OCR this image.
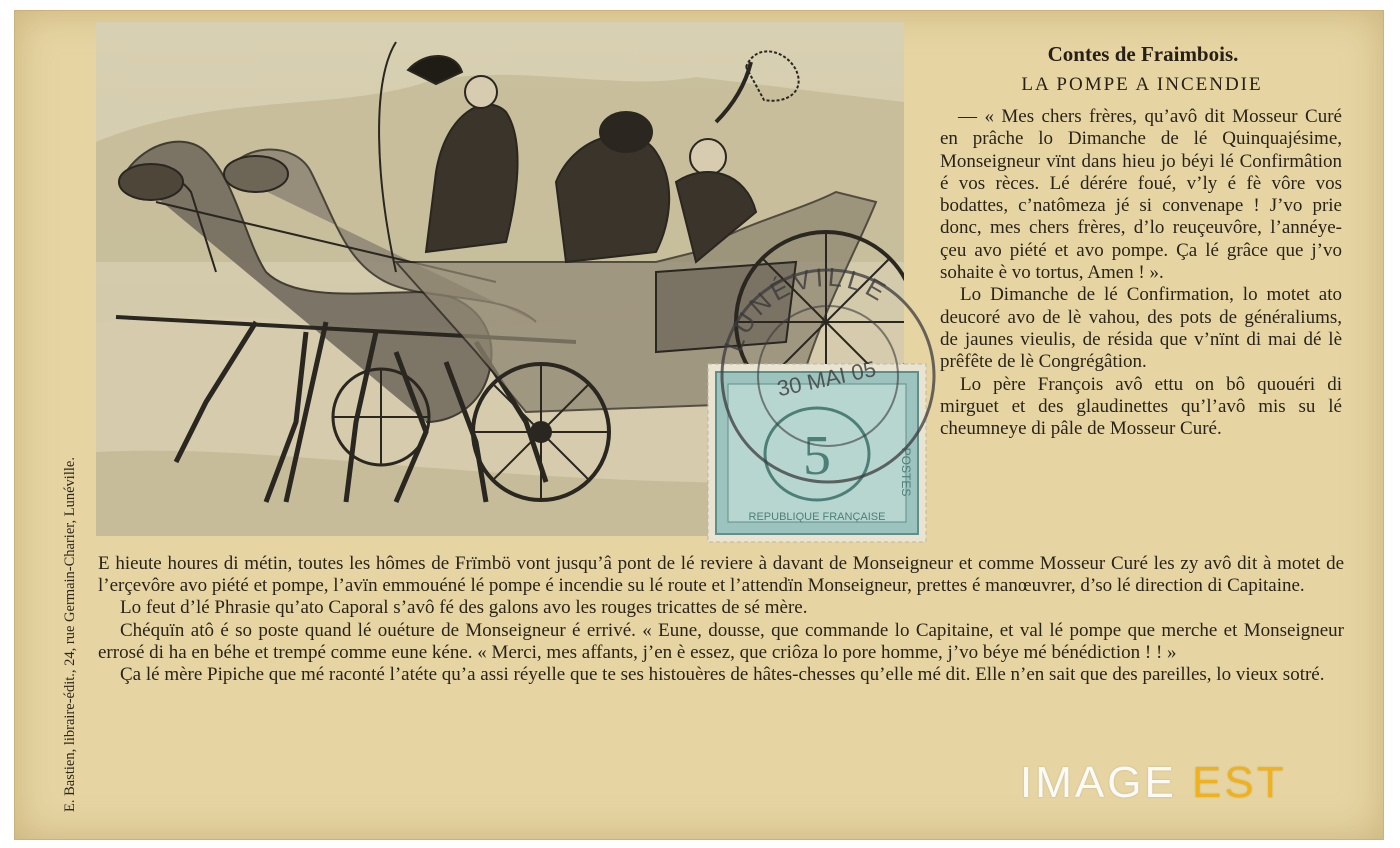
Contes de Fraimbois.
LA POMPE A INCENDIE

— « Mes chers frères, qu’avô dit Mosseur Curé en prâche lo Dimanche de lé Quinquajésime, Monseigneur vïnt dans hieu jo béyi lé Confirmâtion é vos rèces. Lé dérére foué, v’ly é fè vôre vos bodattes, c’natômeza jé si convenape ! J’vo prie donc, mes chers frères, d’lo reuçeuvôre, l’annéye-çeu avo piété et avo pompe. Ça lé grâce que j’vo sohaite è vo tortus, Amen ! ».

Lo Dimanche de lé Confirmation, lo motet ato deucoré avo de lè vahou, des pots de généraliums, de jaunes vieulis, de résida que v’nïnt di mai dé lè prêfête de lè Congrégâtion.

Lo père François avô ettu on bô quouéri di mirguet et des glaudinettes qu’l’avô mis su lé cheumneye di pâle de Mosseur Curé.

E hieute houres di métin, toutes les hômes de Frïmbö vont jusqu’â pont de lé reviere à davant de Monseigneur et comme Mosseur Curé les zy avô dit à motet de l’erçevôre avo piété et pompe, l’avïn emmouéné lé pompe é incendie su lé route et l’attendïn Monseigneur, prettes é manœuvrer, d’so lé direction di Capitaine.

Lo feut d’lé Phrasie qu’ato Caporal s’avô fé des galons avo les rouges tricattes de sé mère.

Chéquïn atô é so poste quand lé ouéture de Monseigneur é errivé. « Eune, dousse, que commande lo Capitaine, et val lé pompe que merche et Monseigneur errosé di ha en béhe et trempé comme eune kéne. « Merci, mes affants, j’en è essez, que criôza lo pore homme, j’vo béye mé bénédiction ! ! »

Ça lé mère Pipiche que mé raconté l’atéte qu’a assi réyelle que te ses histouères de hâtes-chesses qu’elle mé dit. Elle n’en sait que des pareilles, lo vieux sotré.

E. Bastien, libraire-édit., 24, rue Germain-Charier, Lunéville.
5
REPUBLIQUE FRANÇAISE
POSTES
LUNÉVILLE
30 MAI 05
IMAGE EST
